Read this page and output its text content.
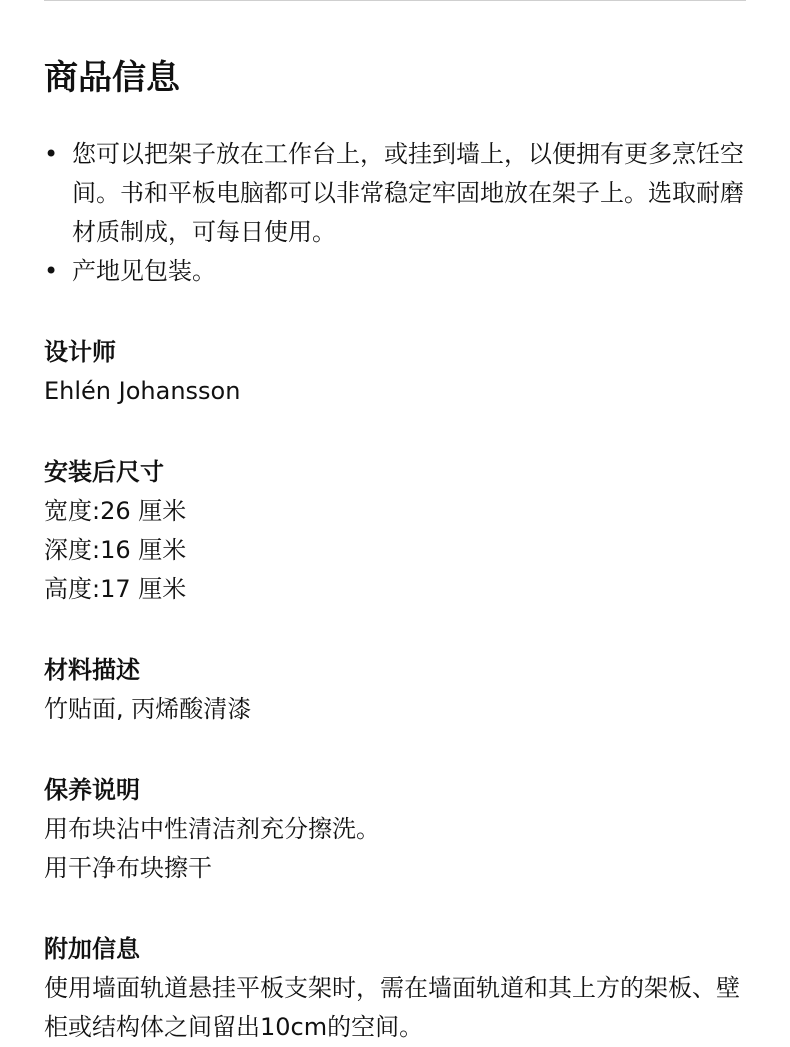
商品信息
• 您可以把架子放在工作台上，或挂到墙上，以便拥有更多烹饪空间。书和平板电脑都可以非常稳定牢固地放在架子上。选取耐磨材质制成，可每日使用。
• 产地见包装。
设计师
Ehlén Johansson
安装后尺寸
宽度:26 厘米
深度:16 厘米
高度:17 厘米
材料描述
竹贴面, 丙烯酸清漆
保养说明
用布块沾中性清洁剂充分擦洗。
用干净布块擦干
附加信息
使用墙面轨道悬挂平板支架时，需在墙面轨道和其上方的架板、壁柜或结构体之间留出10cm的空间。
